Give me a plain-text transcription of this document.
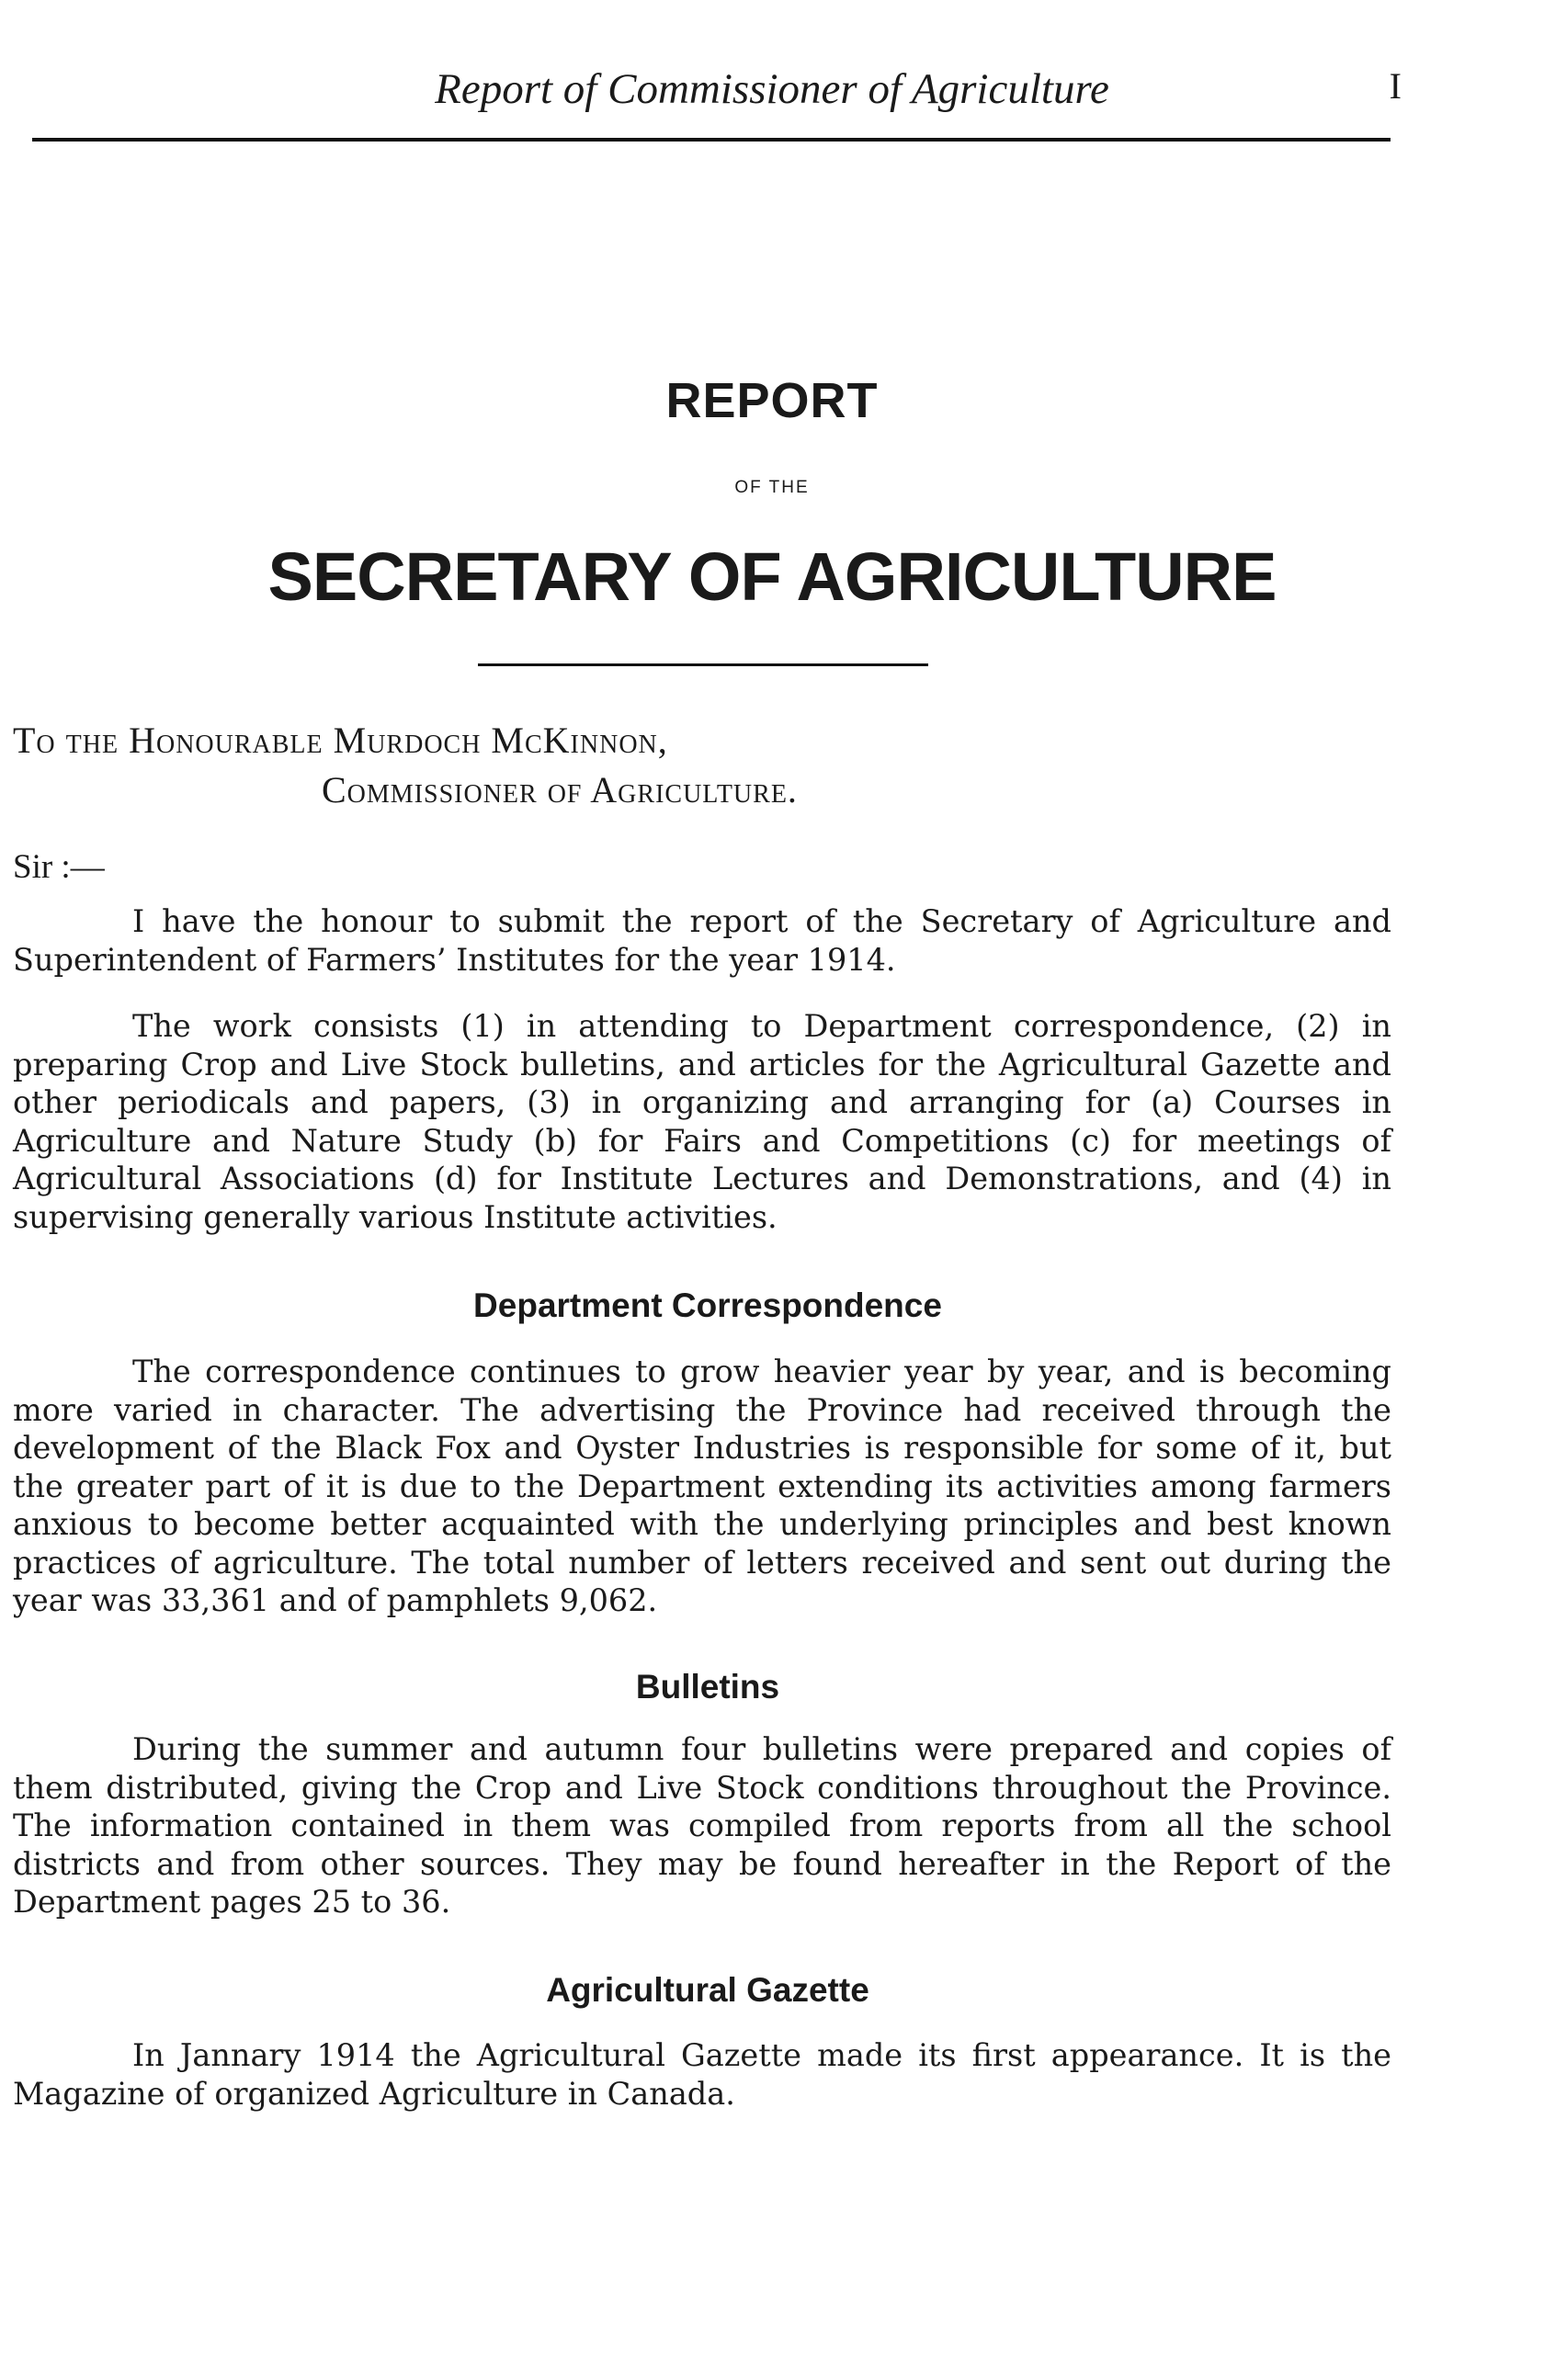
Report of Commissioner of Agriculture	I
REPORT
OF THE
SECRETARY OF AGRICULTURE
To the Honourable Murdoch McKinnon,
Commissioner of Agriculture.
Sir :—

I have the honour to submit the report of the Secretary of Agriculture and Superintendent of Farmers’ Institutes for the year 1914.

The work consists (1) in attending to Department correspondence, (2) in preparing Crop and Live Stock bulletins, and articles for the Agricultural Gazette and other periodicals and papers, (3) in organizing and arranging for (a) Courses in Agriculture and Nature Study (b) for Fairs and Competitions (c) for meetings of Agricultural Associations (d) for Institute Lectures and Demonstrations, and (4) in supervising generally various Institute activities.

Department Correspondence

The correspondence continues to grow heavier year by year, and is becoming more varied in character. The advertising the Province had received through the development of the Black Fox and Oyster Industries is responsible for some of it, but the greater part of it is due to the Department extending its activities among farmers anxious to become better acquainted with the underlying principles and best known practices of agriculture. The total number of letters received and sent out during the year was 33,361 and of pamphlets 9,062.

Bulletins

During the summer and autumn four bulletins were prepared and copies of them distributed, giving the Crop and Live Stock conditions throughout the Province. The information contained in them was compiled from reports from all the school districts and from other sources. They may be found hereafter in the Report of the Department pages 25 to 36.

Agricultural Gazette

In Jannary 1914 the Agricultural Gazette made its first appearance. It is the Magazine of organized Agriculture in Canada.
